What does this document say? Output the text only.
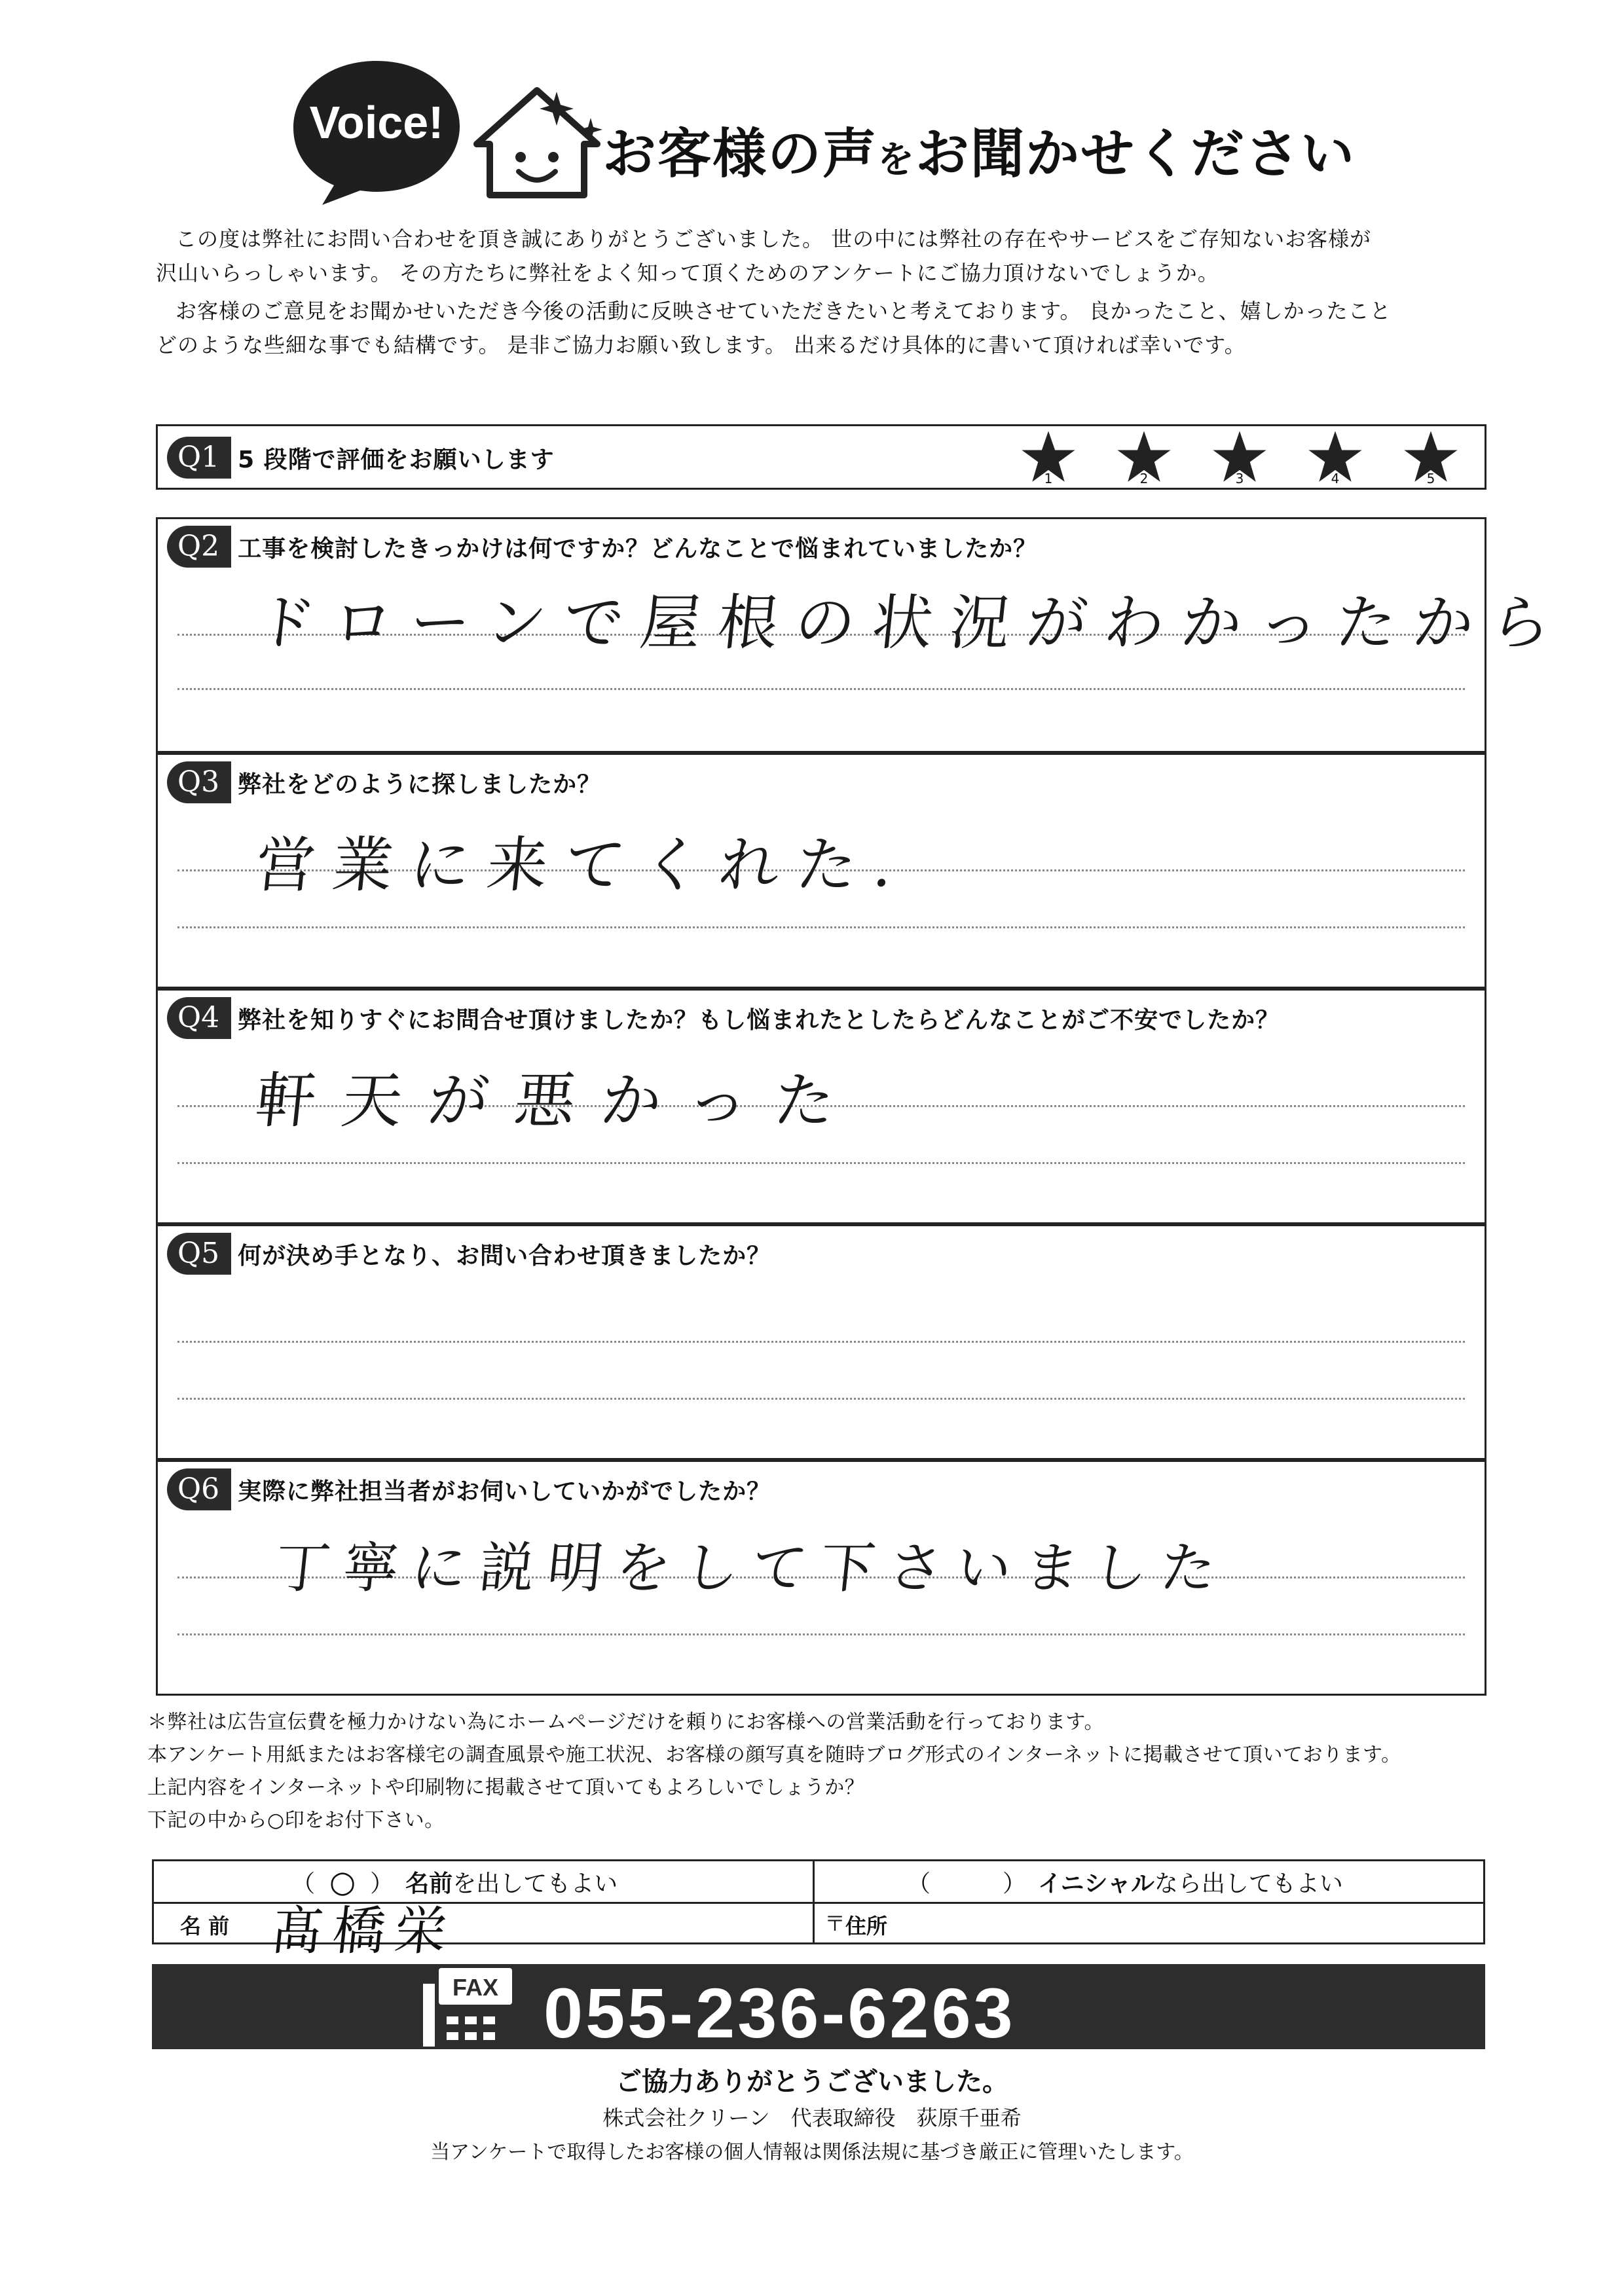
Voice!
お客様の声をお聞かせください
この度は弊社にお問い合わせを頂き誠にありがとうございました。 世の中には弊社の存在やサービスをご存知ないお客様が
沢山いらっしゃいます。 その方たちに弊社をよく知って頂くためのアンケートにご協力頂けないでしょうか。
お客様のご意見をお聞かせいただき今後の活動に反映させていただきたいと考えております。 良かったこと、嬉しかったこと
どのような些細な事でも結構です。 是非ご協力お願い致します。 出来るだけ具体的に書いて頂ければ幸いです。
Q1 5 段階で評価をお願いします
1	2	3	4	5
Q2 工事を検討したきっかけは何ですか？どんなことで悩まれていましたか？
ドローンで屋根の状況がわかったから
Q3 弊社をどのように探しましたか？
営業に来てくれた.
Q4 弊社を知りすぐにお問合せ頂けましたか？もし悩まれたとしたらどんなことがご不安でしたか？
軒天が悪かった
Q5 何が決め手となり、お問い合わせ頂きましたか？
Q6 実際に弊社担当者がお伺いしていかがでしたか？
丁寧に説明をして下さいました
＊弊社は広告宣伝費を極力かけない為にホームページだけを頼りにお客様への営業活動を行っております。
本アンケート用紙またはお客様宅の調査風景や施工状況、お客様の顔写真を随時ブログ形式のインターネットに掲載させて頂いております。
上記内容をインターネットや印刷物に掲載させて頂いてもよろしいでしょうか？
下記の中から○印をお付下さい。
（ ○ ） 名前 を出してもよい	（	） イニシャル なら出してもよい
名 前 髙橋栄	〒 住所
FAX 055-236-6263
ご協力ありがとうございました。
株式会社クリーン　代表取締役　荻原千亜希
当アンケートで取得したお客様の個人情報は関係法規に基づき厳正に管理いたします。
